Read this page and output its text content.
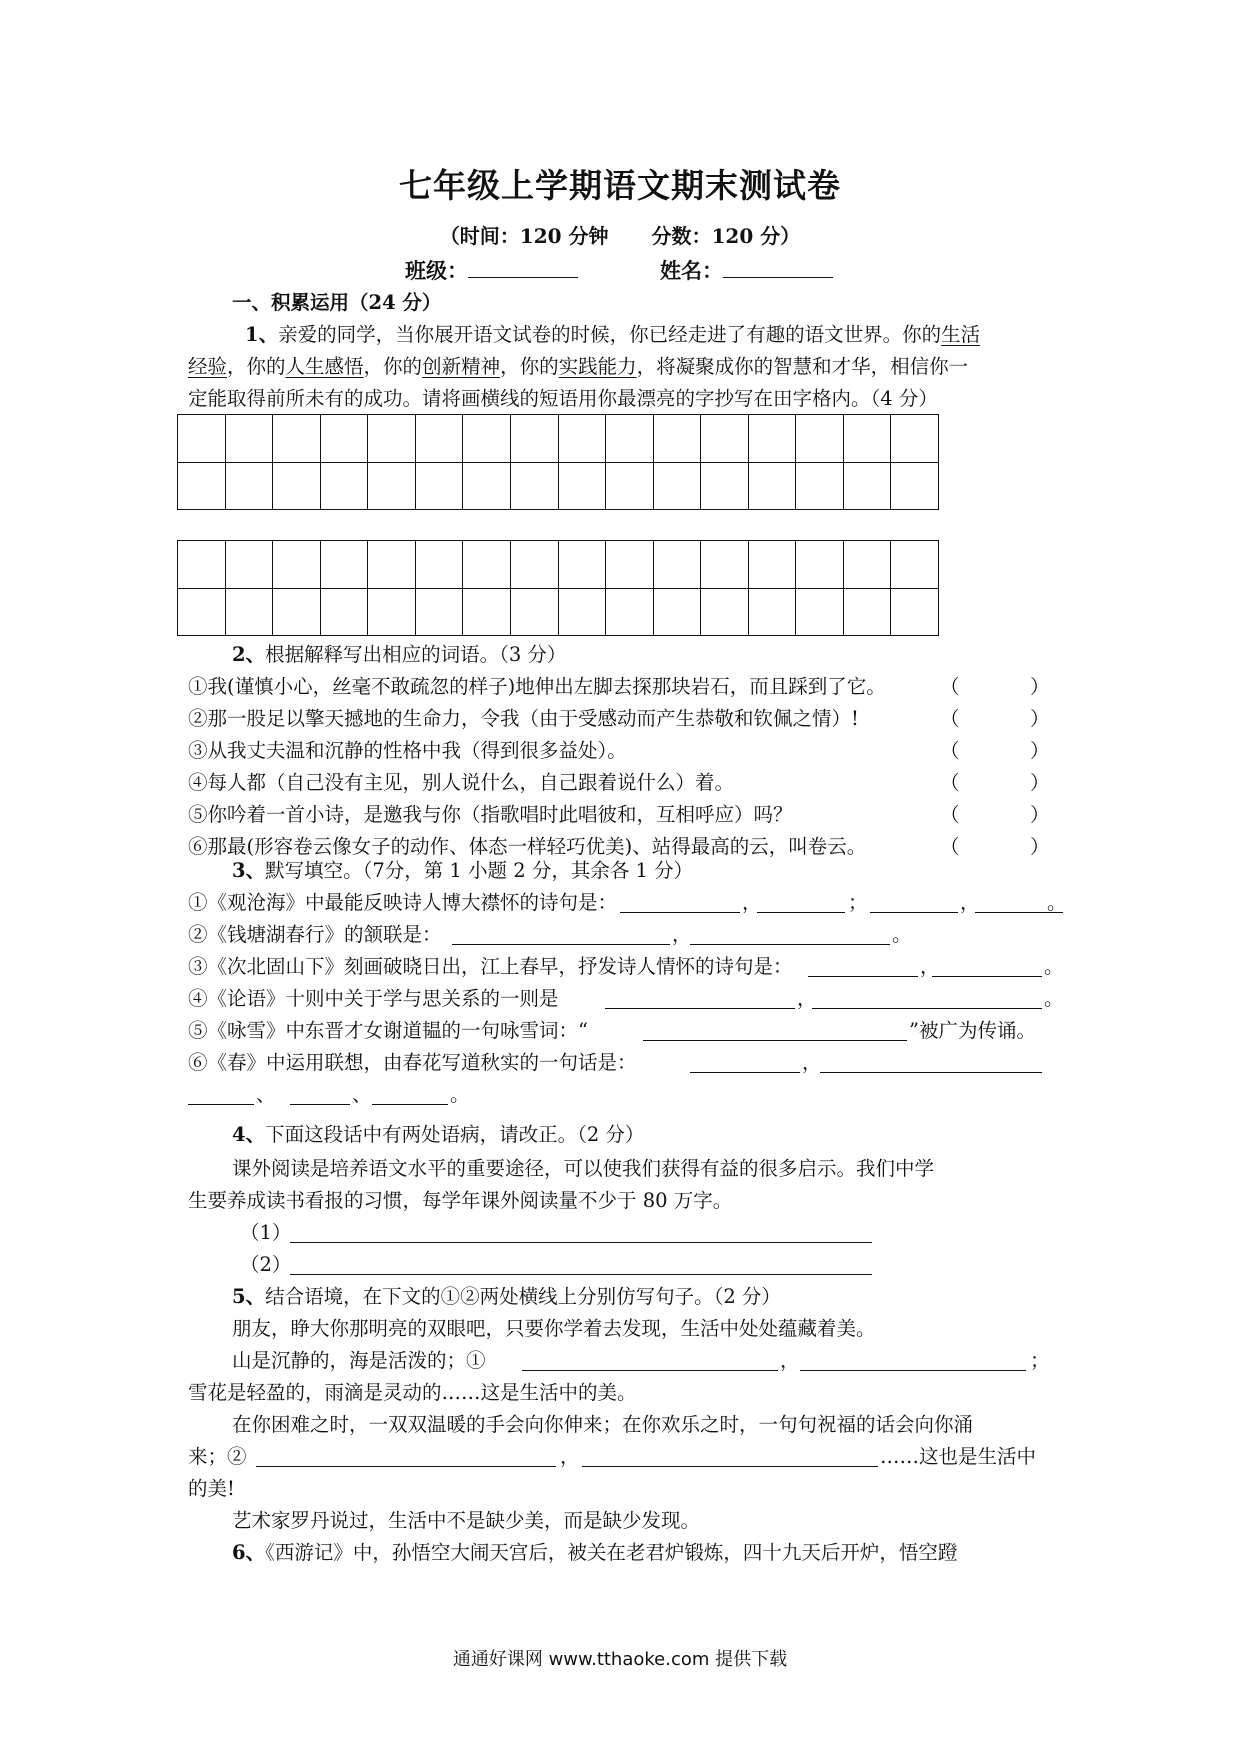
七年级上学期语文期末测试卷
（时间：120 分钟 分数：120 分）
班级：	姓名：
一、积累运用（24 分）
1、亲爱的同学，当你展开语文试卷的时候，你已经走进了有趣的语文世界。你的生活
经验，你的人生感悟，你的创新精神，你的实践能力，将凝聚成你的智慧和才华，相信你一
定能取得前所未有的成功。请将画横线的短语用你最漂亮的字抄写在田字格内。（4 分）
2、根据解释写出相应的词语。（3 分）
①我(谨慎小心，丝毫不敢疏忽的样子)地伸出左脚去探那块岩石，而且踩到了它。	（	）
②那一股足以擎天撼地的生命力，令我（由于受感动而产生恭敬和钦佩之情）!	（	）
③从我丈夫温和沉静的性格中我（得到很多益处）。	（	）
④每人都（自己没有主见，别人说什么，自己跟着说什么）着。	（	）
⑤你吟着一首小诗，是邀我与你（指歌唱时此唱彼和，互相呼应）吗？	（	）
⑥那最(形容卷云像女子的动作、体态一样轻巧优美)、站得最高的云，叫卷云。	（	）
3、默写填空。（7分，第 1 小题 2 分，其余各 1 分）
①《观沧海》中最能反映诗人博大襟怀的诗句是：	，	；	，	。
②《钱塘湖春行》的颔联是：	，	。
③《次北固山下》刻画破晓日出，江上春早，抒发诗人情怀的诗句是：	，	。
④《论语》十则中关于学与思关系的一则是	，	。
⑤《咏雪》中东晋才女谢道韫的一句咏雪词：“	”被广为传诵。
⑥《春》中运用联想，由春花写道秋实的一句话是：	，
、	、	。
4、下面这段话中有两处语病，请改正。（2 分）
课外阅读是培养语文水平的重要途径，可以使我们获得有益的很多启示。我们中学
生要养成读书看报的习惯，每学年课外阅读量不少于 80 万字。
（1）
（2）
5、结合语境，在下文的①②两处横线上分别仿写句子。（2 分）
朋友，睁大你那明亮的双眼吧，只要你学着去发现，生活中处处蕴藏着美。
山是沉静的，海是活泼的；①	，	；
雪花是轻盈的，雨滴是灵动的……这是生活中的美。
在你困难之时，一双双温暖的手会向你伸来；在你欢乐之时，一句句祝福的话会向你涌
来；②	，	……这也是生活中
的美!
艺术家罗丹说过，生活中不是缺少美，而是缺少发现。
6、《西游记》中，孙悟空大闹天宫后，被关在老君炉锻炼，四十九天后开炉，悟空蹬
通通好课网 www.tthaoke.com 提供下载
